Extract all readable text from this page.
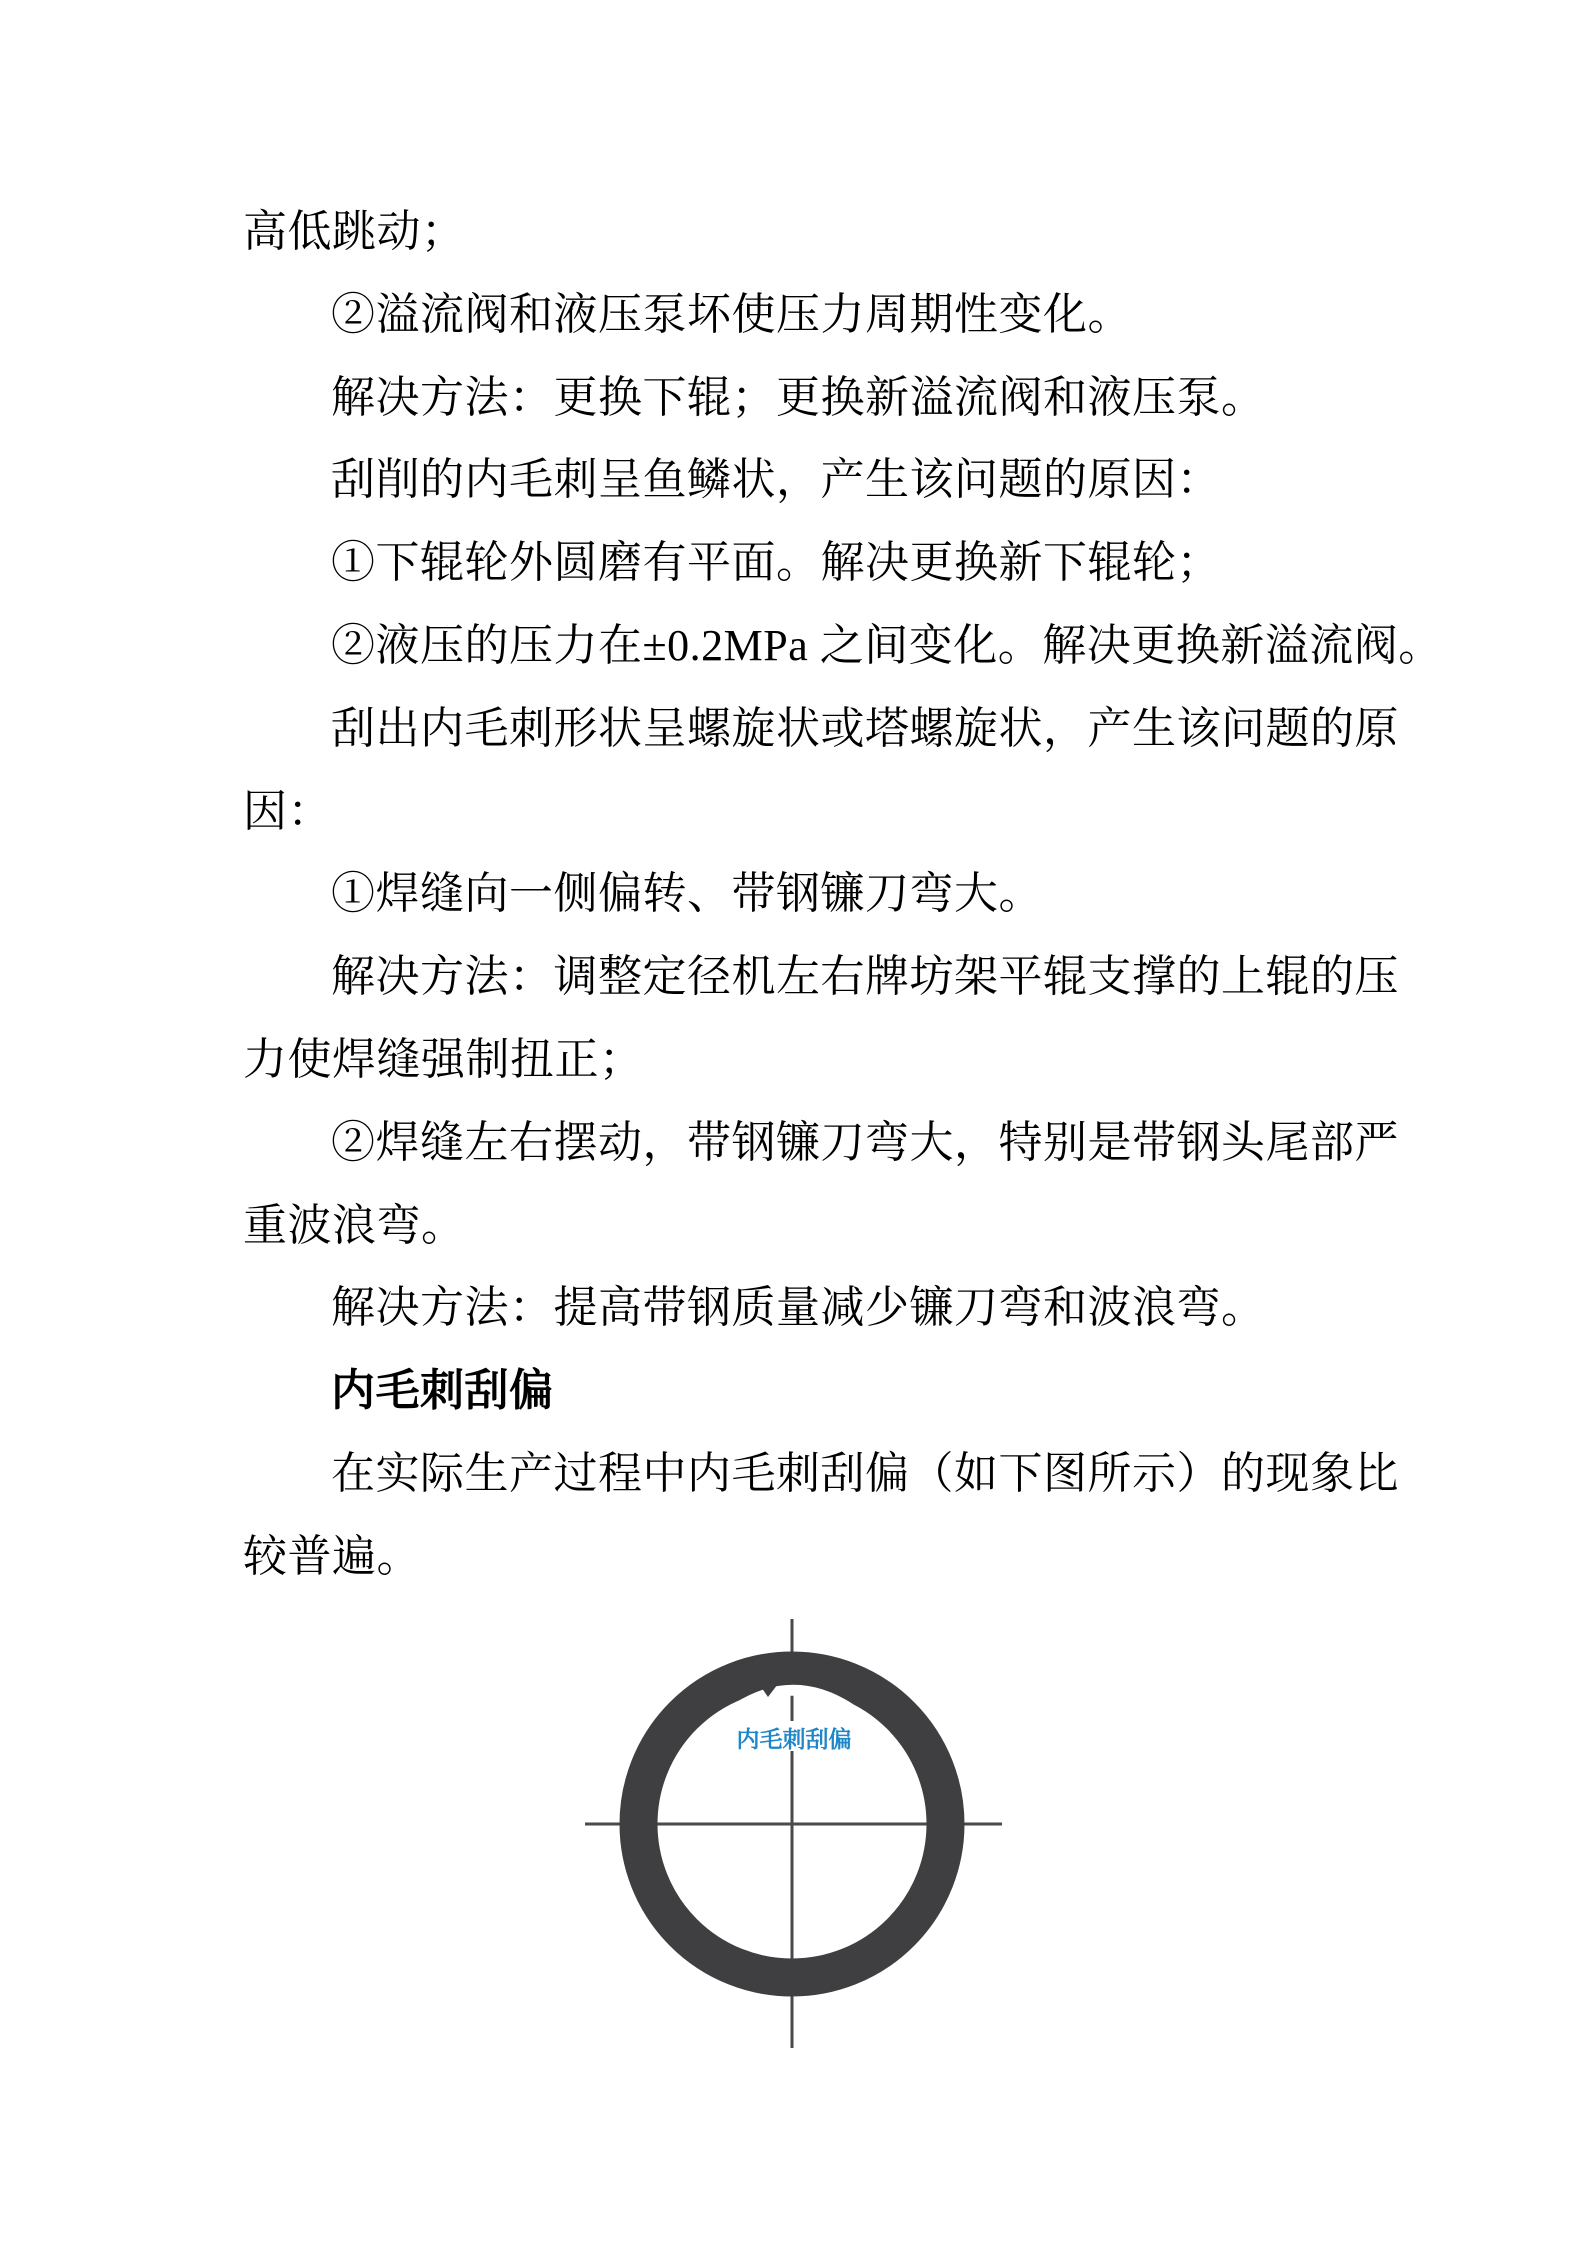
高低跳动；
②溢流阀和液压泵坏使压力周期性变化。
解决方法：更换下辊；更换新溢流阀和液压泵。
刮削的内毛刺呈鱼鳞状，产生该问题的原因：
①下辊轮外圆磨有平面。解决更换新下辊轮；
②液压的压力在±0.2MPa 之间变化。解决更换新溢流阀。
刮出内毛刺形状呈螺旋状或塔螺旋状，产生该问题的原
因：
①焊缝向一侧偏转、带钢镰刀弯大。
解决方法：调整定径机左右牌坊架平辊支撑的上辊的压
力使焊缝强制扭正；
②焊缝左右摆动，带钢镰刀弯大，特别是带钢头尾部严
重波浪弯。
解决方法：提高带钢质量减少镰刀弯和波浪弯。
内毛刺刮偏
在实际生产过程中内毛刺刮偏（如下图所示）的现象比
较普遍。
内毛刺刮偏
